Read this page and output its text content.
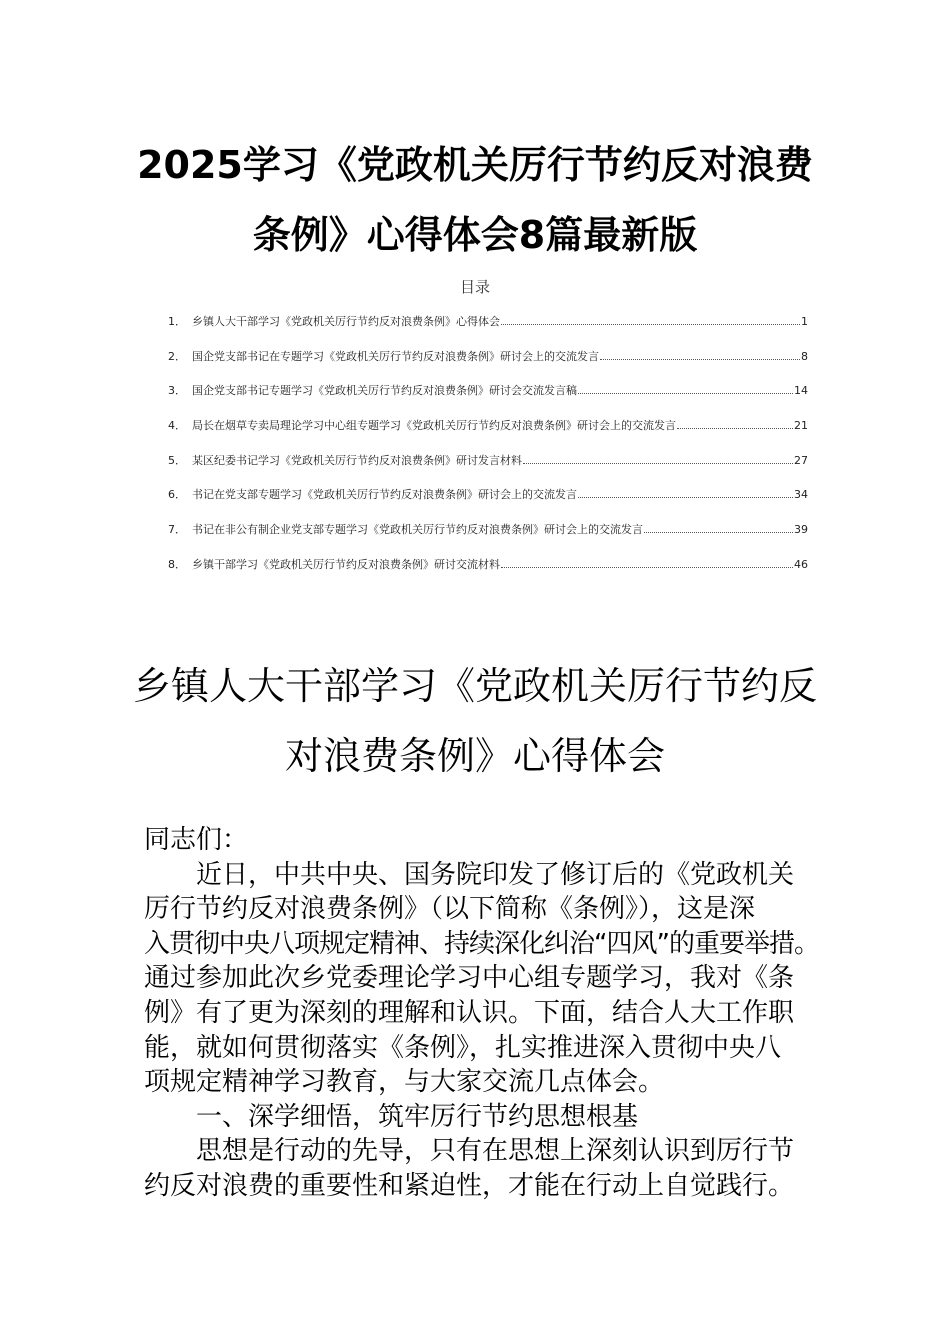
2025学习《党政机关厉行节约反对浪费
条例》心得体会8篇最新版
目录
1． 乡镇人大干部学习《党政机关厉行节约反对浪费条例》心得体会	1
2． 国企党支部书记在专题学习《党政机关厉行节约反对浪费条例》研讨会上的交流发言	8
3． 国企党支部书记专题学习《党政机关厉行节约反对浪费条例》研讨会交流发言稿	14
4． 局长在烟草专卖局理论学习中心组专题学习《党政机关厉行节约反对浪费条例》研讨会上的交流发言	21
5． 某区纪委书记学习《党政机关厉行节约反对浪费条例》研讨发言材料	27
6． 书记在党支部专题学习《党政机关厉行节约反对浪费条例》研讨会上的交流发言	34
7． 书记在非公有制企业党支部专题学习《党政机关厉行节约反对浪费条例》研讨会上的交流发言	39
8． 乡镇干部学习《党政机关厉行节约反对浪费条例》研讨交流材料	46
乡镇人大干部学习《党政机关厉行节约反
对浪费条例》心得体会
同志们：
近日，中共中央、国务院印发了修订后的《党政机关
厉行节约反对浪费条例》（以下简称《条例》），这是深
入贯彻中央八项规定精神、持续深化纠治“四风”的重要举措。
通过参加此次乡党委理论学习中心组专题学习，我对《条
例》有了更为深刻的理解和认识。下面，结合人大工作职
能，就如何贯彻落实《条例》，扎实推进深入贯彻中央八
项规定精神学习教育，与大家交流几点体会。
一、深学细悟，筑牢厉行节约思想根基
思想是行动的先导，只有在思想上深刻认识到厉行节
约反对浪费的重要性和紧迫性，才能在行动上自觉践行。
